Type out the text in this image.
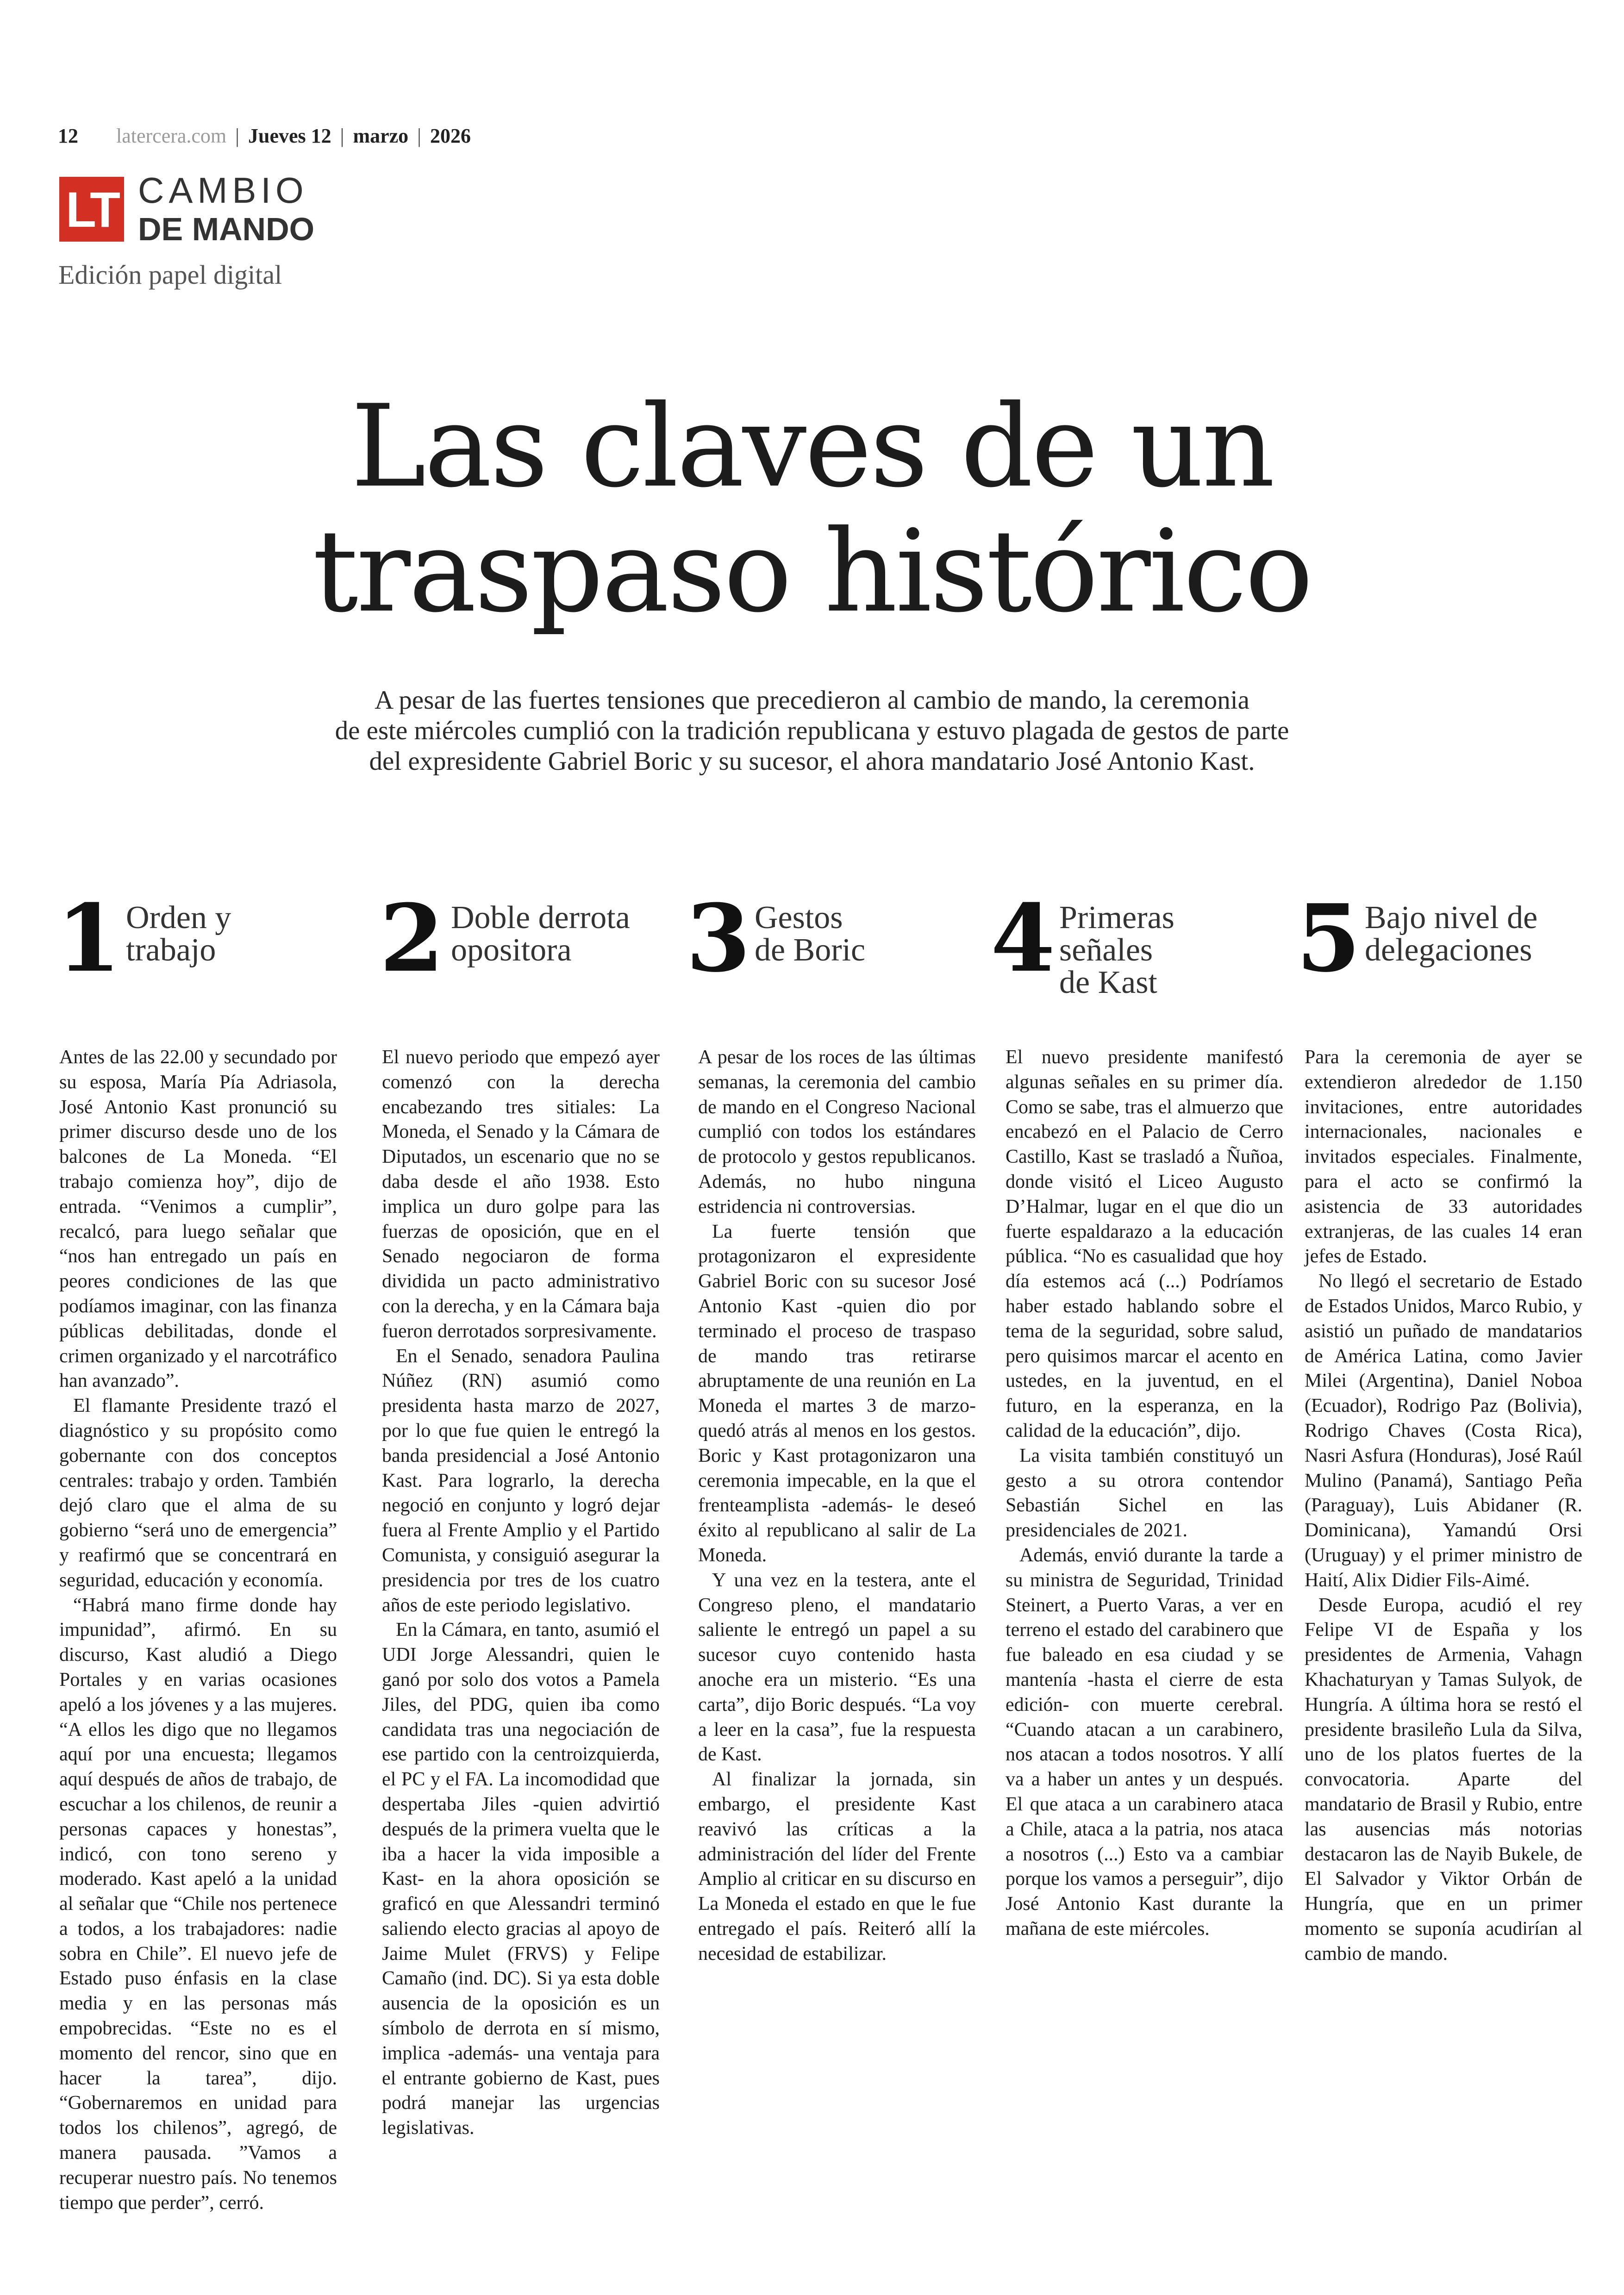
12 latercera.com | Jueves 12 | marzo | 2026
LT CAMBIO
DE MANDO
Edición papel digital
Las claves de un
traspaso histórico
A pesar de las fuertes tensiones que precedieron al cambio de mando, la ceremonia
de este miércoles cumplió con la tradición republicana y estuvo plagada de gestos de parte
del expresidente Gabriel Boric y su sucesor, el ahora mandatario José Antonio Kast.
1 Orden y
trabajo 2 Doble derrota
opositora	3 Gestos
de Boric 4 Primeras
señales
de Kast 5 Bajo nivel de
delegaciones

Antes de las 22.00 y secundado por su esposa, María Pía Adriasola, José Antonio Kast pronunció su primer discurso desde uno de los balcones de La Moneda. “El trabajo comienza hoy”, dijo de entrada. “Venimos a cumplir”, recalcó, para luego señalar que “nos han entregado un país en peores condiciones de las que podíamos imaginar, con las finanza públicas debilitadas, donde el crimen organizado y el narcotráfico han avanzado”.

El flamante Presidente trazó el diagnóstico y su propósito como gobernante con dos conceptos centrales: trabajo y orden. También dejó claro que el alma de su gobierno “será uno de emergencia” y reafirmó que se concentrará en seguridad, educación y economía.

“Habrá mano firme donde hay impunidad”, afirmó. En su discurso, Kast aludió a Diego Portales y en varias ocasiones apeló a los jóvenes y a las mujeres. “A ellos les digo que no llegamos aquí por una encuesta; llegamos aquí después de años de trabajo, de escuchar a los chilenos, de reunir a personas capaces y honestas”, indicó, con tono sereno y moderado. Kast apeló a la unidad al señalar que “Chile nos pertenece a todos, a los trabajadores: nadie sobra en Chile”. El nuevo jefe de Estado puso énfasis en la clase media y en las personas más empobrecidas. “Este no es el momento del rencor, sino que en hacer la tarea”, dijo. “Gobernaremos en unidad para todos los chilenos”, agregó, de manera pausada. ”Vamos a recuperar nuestro país. No tenemos tiempo que perder”, cerró.

El nuevo periodo que empezó ayer comenzó con la derecha encabezando tres sitiales: La Moneda, el Senado y la Cámara de Diputados, un escenario que no se daba desde el año 1938. Esto implica un duro golpe para las fuerzas de oposición, que en el Senado negociaron de forma dividida un pacto administrativo con la derecha, y en la Cámara baja fueron derrotados sorpresivamente.

En el Senado, senadora Paulina Núñez (RN) asumió como presidenta hasta marzo de 2027, por lo que fue quien le entregó la banda presidencial a José Antonio Kast. Para lograrlo, la derecha negoció en conjunto y logró dejar fuera al Frente Amplio y el Partido Comunista, y consiguió asegurar la presidencia por tres de los cuatro años de este periodo legislativo.

En la Cámara, en tanto, asumió el UDI Jorge Alessandri, quien le ganó por solo dos votos a Pamela Jiles, del PDG, quien iba como candidata tras una negociación de ese partido con la centroizquierda, el PC y el FA. La incomodidad que despertaba Jiles -quien advirtió después de la primera vuelta que le iba a hacer la vida imposible a Kast- en la ahora oposición se graficó en que Alessandri terminó saliendo electo gracias al apoyo de Jaime Mulet (FRVS) y Felipe Camaño (ind. DC). Si ya esta doble ausencia de la oposición es un símbolo de derrota en sí mismo, implica -además- una ventaja para el entrante gobierno de Kast, pues podrá manejar las urgencias legislativas.

A pesar de los roces de las últimas semanas, la ceremonia del cambio de mando en el Congreso Nacional cumplió con todos los estándares de protocolo y gestos republicanos. Además, no hubo ninguna estridencia ni controversias.

La fuerte tensión que protagonizaron el expresidente Gabriel Boric con su sucesor José Antonio Kast -quien dio por terminado el proceso de traspaso de mando tras retirarse abruptamente de una reunión en La Moneda el martes 3 de marzo- quedó atrás al menos en los gestos. Boric y Kast protagonizaron una ceremonia impecable, en la que el frenteamplista -además- le deseó éxito al republicano al salir de La Moneda.

Y una vez en la testera, ante el Congreso pleno, el mandatario saliente le entregó un papel a su sucesor cuyo contenido hasta anoche era un misterio. “Es una carta”, dijo Boric después. “La voy a leer en la casa”, fue la respuesta de Kast.

Al finalizar la jornada, sin embargo, el presidente Kast reavivó las críticas a la administración del líder del Frente Amplio al criticar en su discurso en La Moneda el estado en que le fue entregado el país. Reiteró allí la necesidad de estabilizar.

El nuevo presidente manifestó algunas señales en su primer día. Como se sabe, tras el almuerzo que encabezó en el Palacio de Cerro Castillo, Kast se trasladó a Ñuñoa, donde visitó el Liceo Augusto D’Halmar, lugar en el que dio un fuerte espaldarazo a la educación pública. “No es casualidad que hoy día estemos acá (...) Podríamos haber estado hablando sobre el tema de la seguridad, sobre salud, pero quisimos marcar el acento en ustedes, en la juventud, en el futuro, en la esperanza, en la calidad de la educación”, dijo.

La visita también constituyó un gesto a su otrora contendor Sebastián Sichel en las presidenciales de 2021.

Además, envió durante la tarde a su ministra de Seguridad, Trinidad Steinert, a Puerto Varas, a ver en terreno el estado del carabinero que fue baleado en esa ciudad y se mantenía -hasta el cierre de esta edición- con muerte cerebral. “Cuando atacan a un carabinero, nos atacan a todos nosotros. Y allí va a haber un antes y un después. El que ataca a un carabinero ataca a Chile, ataca a la patria, nos ataca a nosotros (...) Esto va a cambiar porque los vamos a perseguir”, dijo José Antonio Kast durante la mañana de este miércoles.

Para la ceremonia de ayer se extendieron alrededor de 1.150 invitaciones, entre autoridades internacionales, nacionales e invitados especiales. Finalmente, para el acto se confirmó la asistencia de 33 autoridades extranjeras, de las cuales 14 eran jefes de Estado.

No llegó el secretario de Estado de Estados Unidos, Marco Rubio, y asistió un puñado de mandatarios de América Latina, como Javier Milei (Argentina), Daniel Noboa (Ecuador), Rodrigo Paz (Bolivia), Rodrigo Chaves (Costa Rica), Nasri Asfura (Honduras), José Raúl Mulino (Panamá), Santiago Peña (Paraguay), Luis Abidaner (R. Dominicana), Yamandú Orsi (Uruguay) y el primer ministro de Haití, Alix Didier Fils-Aimé.

Desde Europa, acudió el rey Felipe VI de España y los presidentes de Armenia, Vahagn Khachaturyan y Tamas Sulyok, de Hungría. A última hora se restó el presidente brasileño Lula da Silva, uno de los platos fuertes de la convocatoria. Aparte del mandatario de Brasil y Rubio, entre las ausencias más notorias destacaron las de Nayib Bukele, de El Salvador y Viktor Orbán de Hungría, que en un primer momento se suponía acudirían al cambio de mando.
